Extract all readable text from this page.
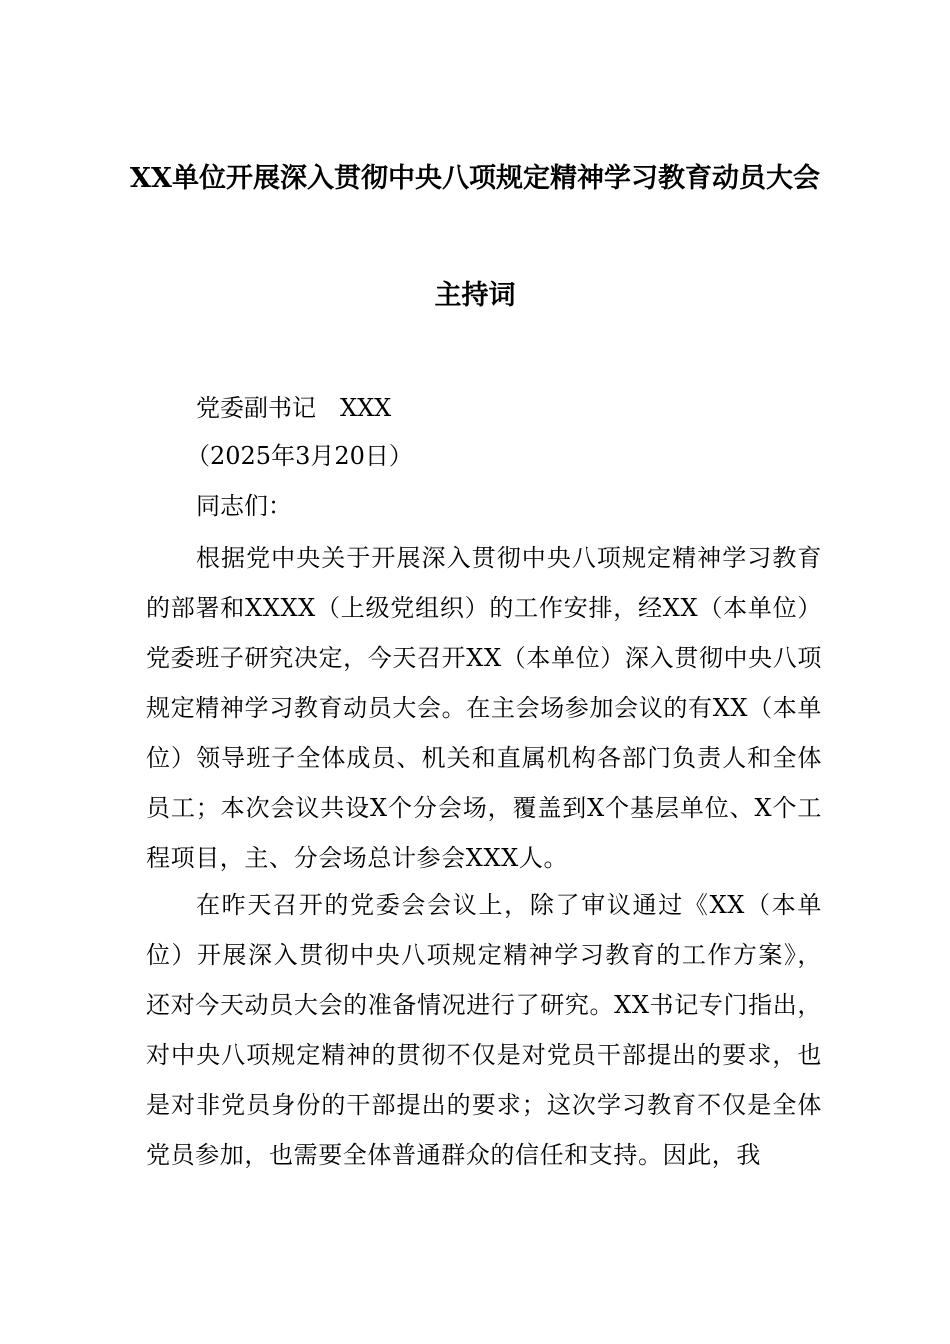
XX单位开展深入贯彻中央八项规定精神学习教育动员大会
主持词
党委副书记　XXX
（2025年3月20日）
同志们：

根据党中央关于开展深入贯彻中央八项规定精神学习教育的部署和XXXX（上级党组织）的工作安排，经XX（本单位）党委班子研究决定，今天召开XX（本单位）深入贯彻中央八项规定精神学习教育动员大会。在主会场参加会议的有XX（本单位）领导班子全体成员、机关和直属机构各部门负责人和全体员工；本次会议共设X个分会场，覆盖到X个基层单位、X个工程项目，主、分会场总计参会XXX人。

在昨天召开的党委会会议上，除了审议通过《XX（本单位）开展深入贯彻中央八项规定精神学习教育的工作方案》，还对今天动员大会的准备情况进行了研究。XX书记专门指出，对中央八项规定精神的贯彻不仅是对党员干部提出的要求，也是对非党员身份的干部提出的要求；这次学习教育不仅是全体党员参加，也需要全体普通群众的信任和支持。因此，我
